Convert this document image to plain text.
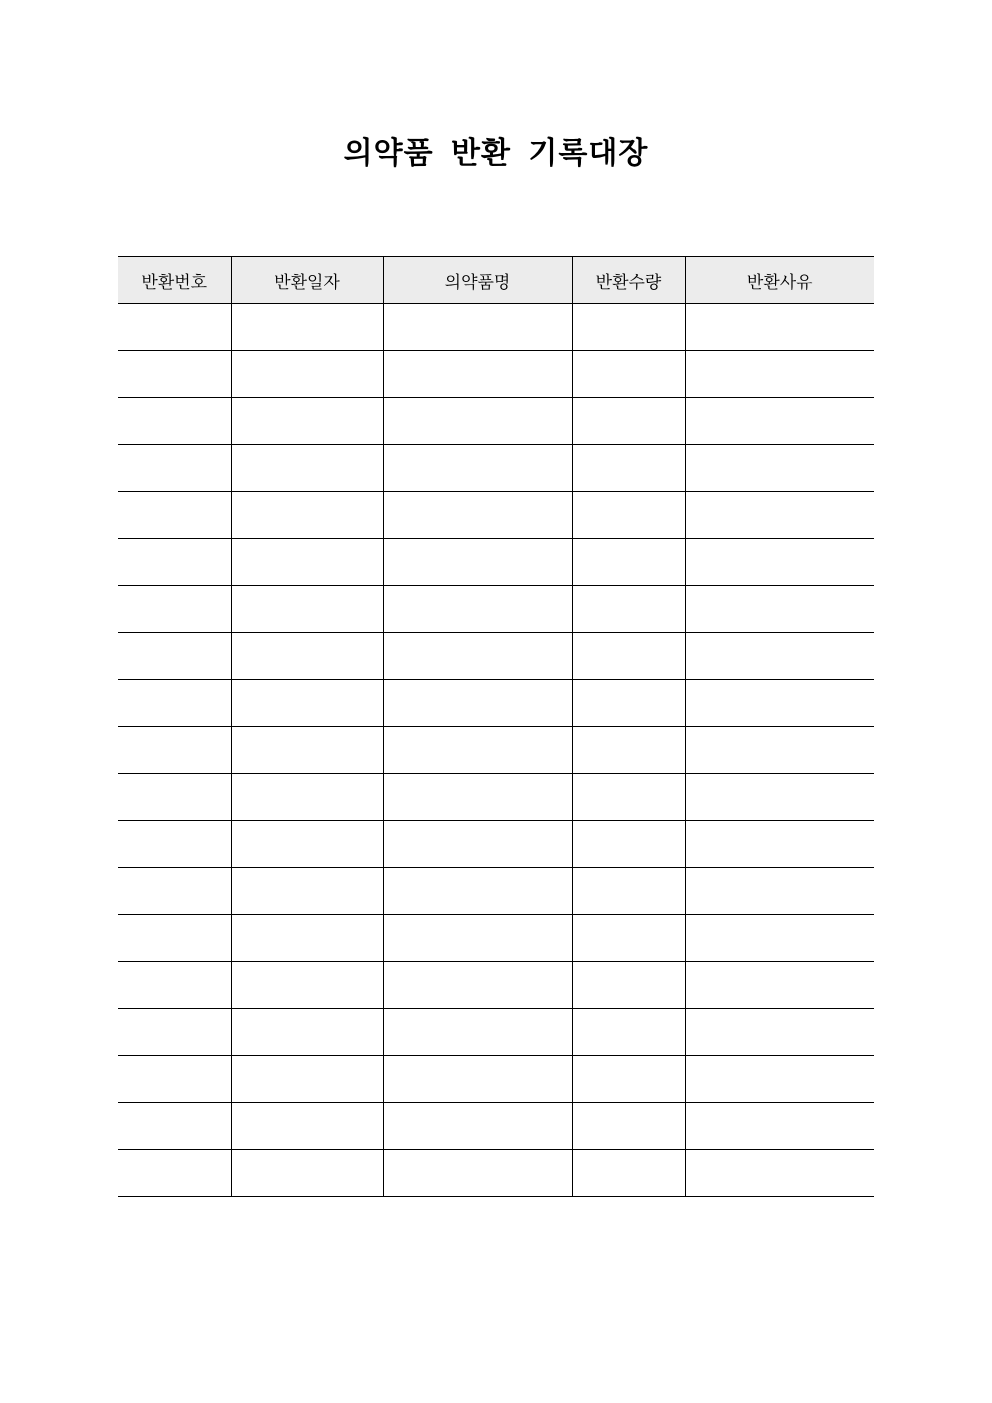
의약품 반환 기록대장
반환번호	반환일자	의약품명	반환수량	반환사유
